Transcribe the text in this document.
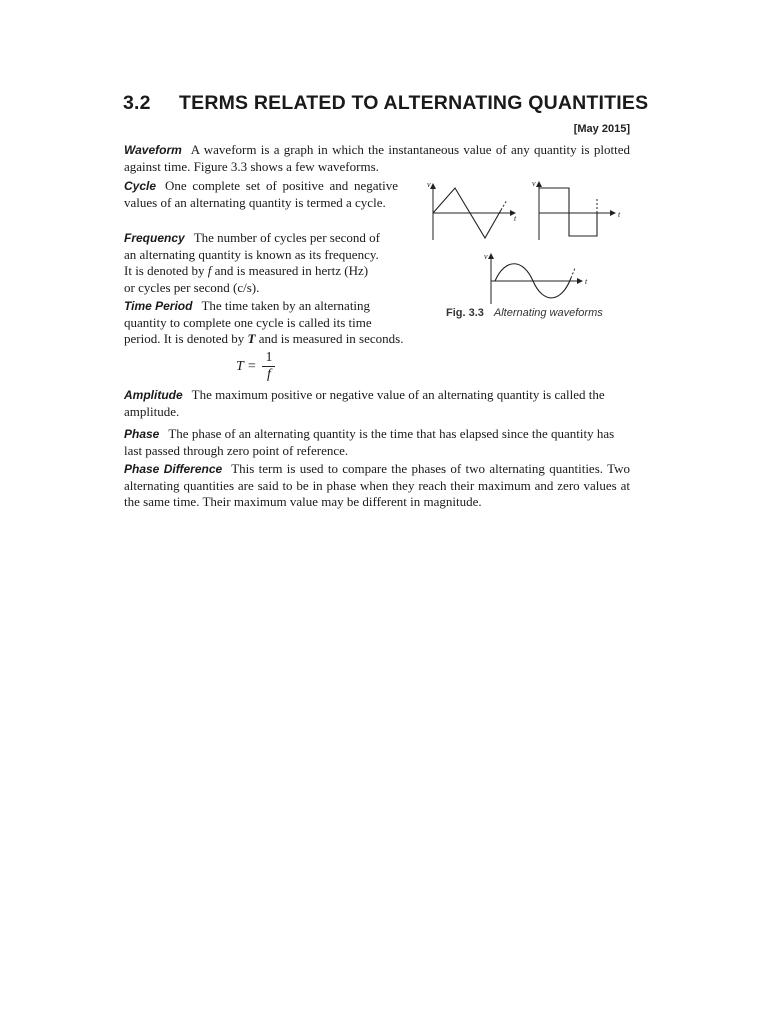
3.2 TERMS RELATED TO ALTERNATING QUANTITIES
[May 2015]
Waveform A waveform is a graph in which the instantaneous value of any quantity is plotted against time. Figure 3.3 shows a few waveforms.
Cycle One complete set of positive and negative values of an alternating quantity is termed a cycle.
Frequency The number of cycles per second of
an alternating quantity is known as its frequency.
It is denoted by f and is measured in hertz (Hz)
or cycles per second (c/s).
Time Period The time taken by an alternating
quantity to complete one cycle is called its time
period. It is denoted by T and is measured in seconds.
$T = \frac{1}{f}$
v
t
v
t
v
t
Fig. 3.3 Alternating waveforms
Amplitude The maximum positive or negative value of an alternating quantity is called the amplitude.
Phase The phase of an alternating quantity is the time that has elapsed since the quantity has last passed through zero point of reference.
Phase Difference This term is used to compare the phases of two alternating quantities. Two alternating quantities are said to be in phase when they reach their maximum and zero values at the same time. Their maximum value may be different in magnitude.
